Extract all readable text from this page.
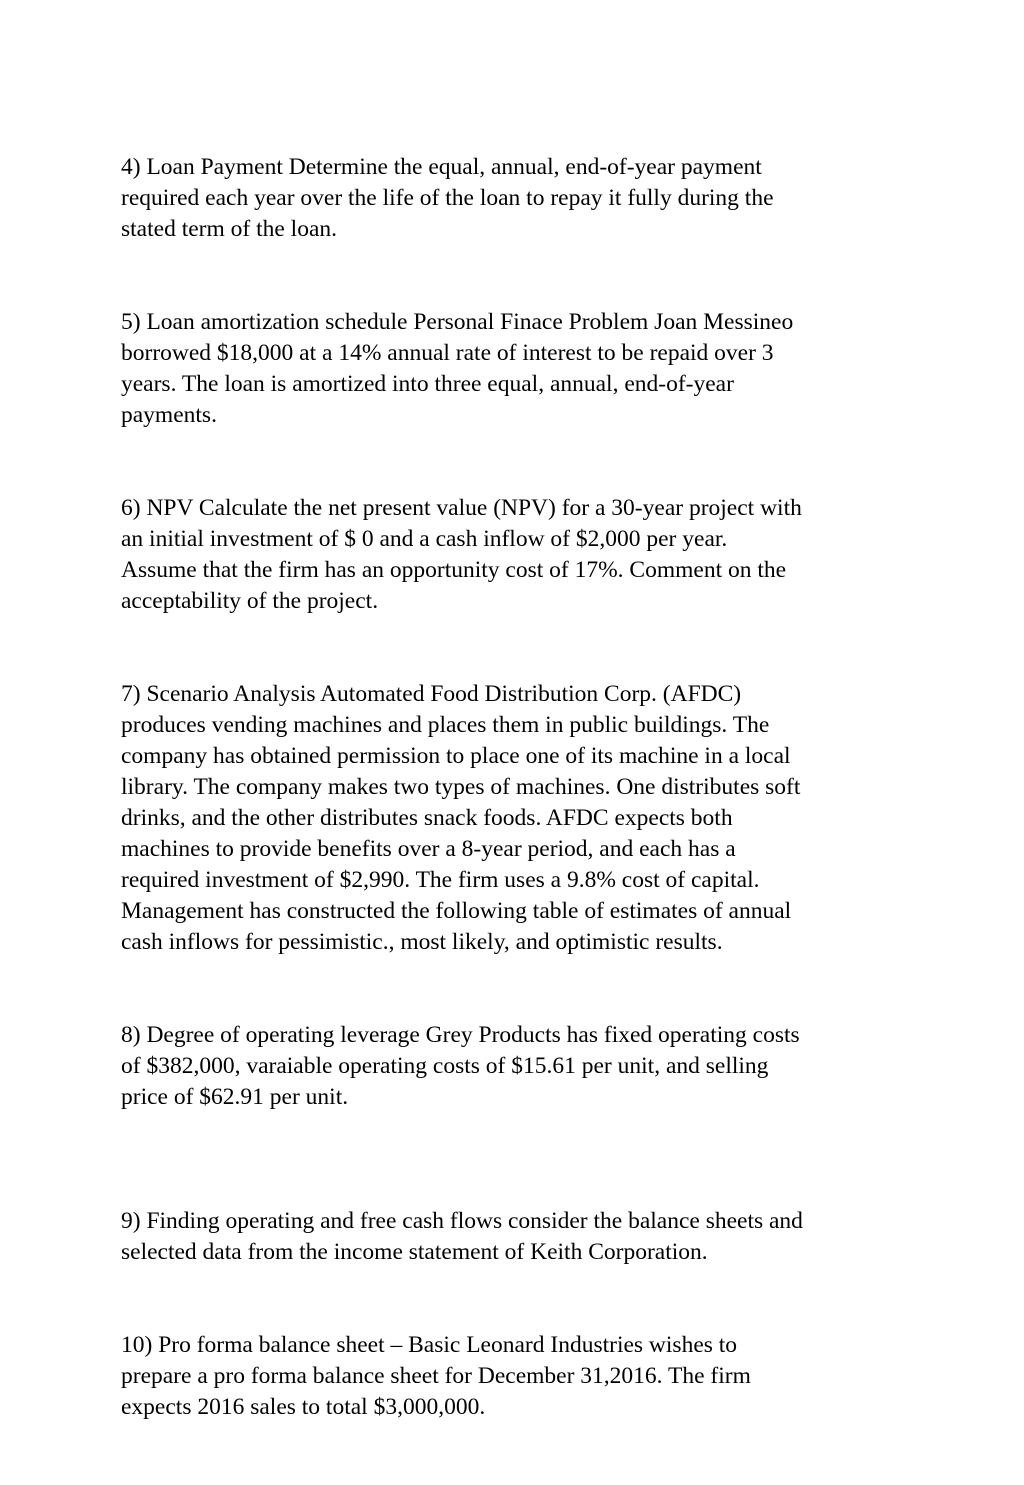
4) Loan Payment Determine the equal, annual, end-of-year payment
required each year over the life of the loan to repay it fully during the
stated term of the loan.

5) Loan amortization schedule Personal Finace Problem Joan Messineo
borrowed $18,000 at a 14% annual rate of interest to be repaid over 3
years. The loan is amortized into three equal, annual, end-of-year
payments.

6) NPV Calculate the net present value (NPV) for a 30-year project with
an initial investment of $ 0 and a cash inflow of $2,000 per year.
Assume that the firm has an opportunity cost of 17%. Comment on the
acceptability of the project.

7) Scenario Analysis Automated Food Distribution Corp. (AFDC)
produces vending machines and places them in public buildings. The
company has obtained permission to place one of its machine in a local
library. The company makes two types of machines. One distributes soft
drinks, and the other distributes snack foods. AFDC expects both
machines to provide benefits over a 8-year period, and each has a
required investment of $2,990. The firm uses a 9.8% cost of capital.
Management has constructed the following table of estimates of annual
cash inflows for pessimistic., most likely, and optimistic results.

8) Degree of operating leverage Grey Products has fixed operating costs
of $382,000, varaiable operating costs of $15.61 per unit, and selling
price of $62.91 per unit.

9) Finding operating and free cash flows consider the balance sheets and
selected data from the income statement of Keith Corporation.

10) Pro forma balance sheet – Basic Leonard Industries wishes to
prepare a pro forma balance sheet for December 31,2016. The firm
expects 2016 sales to total $3,000,000.
